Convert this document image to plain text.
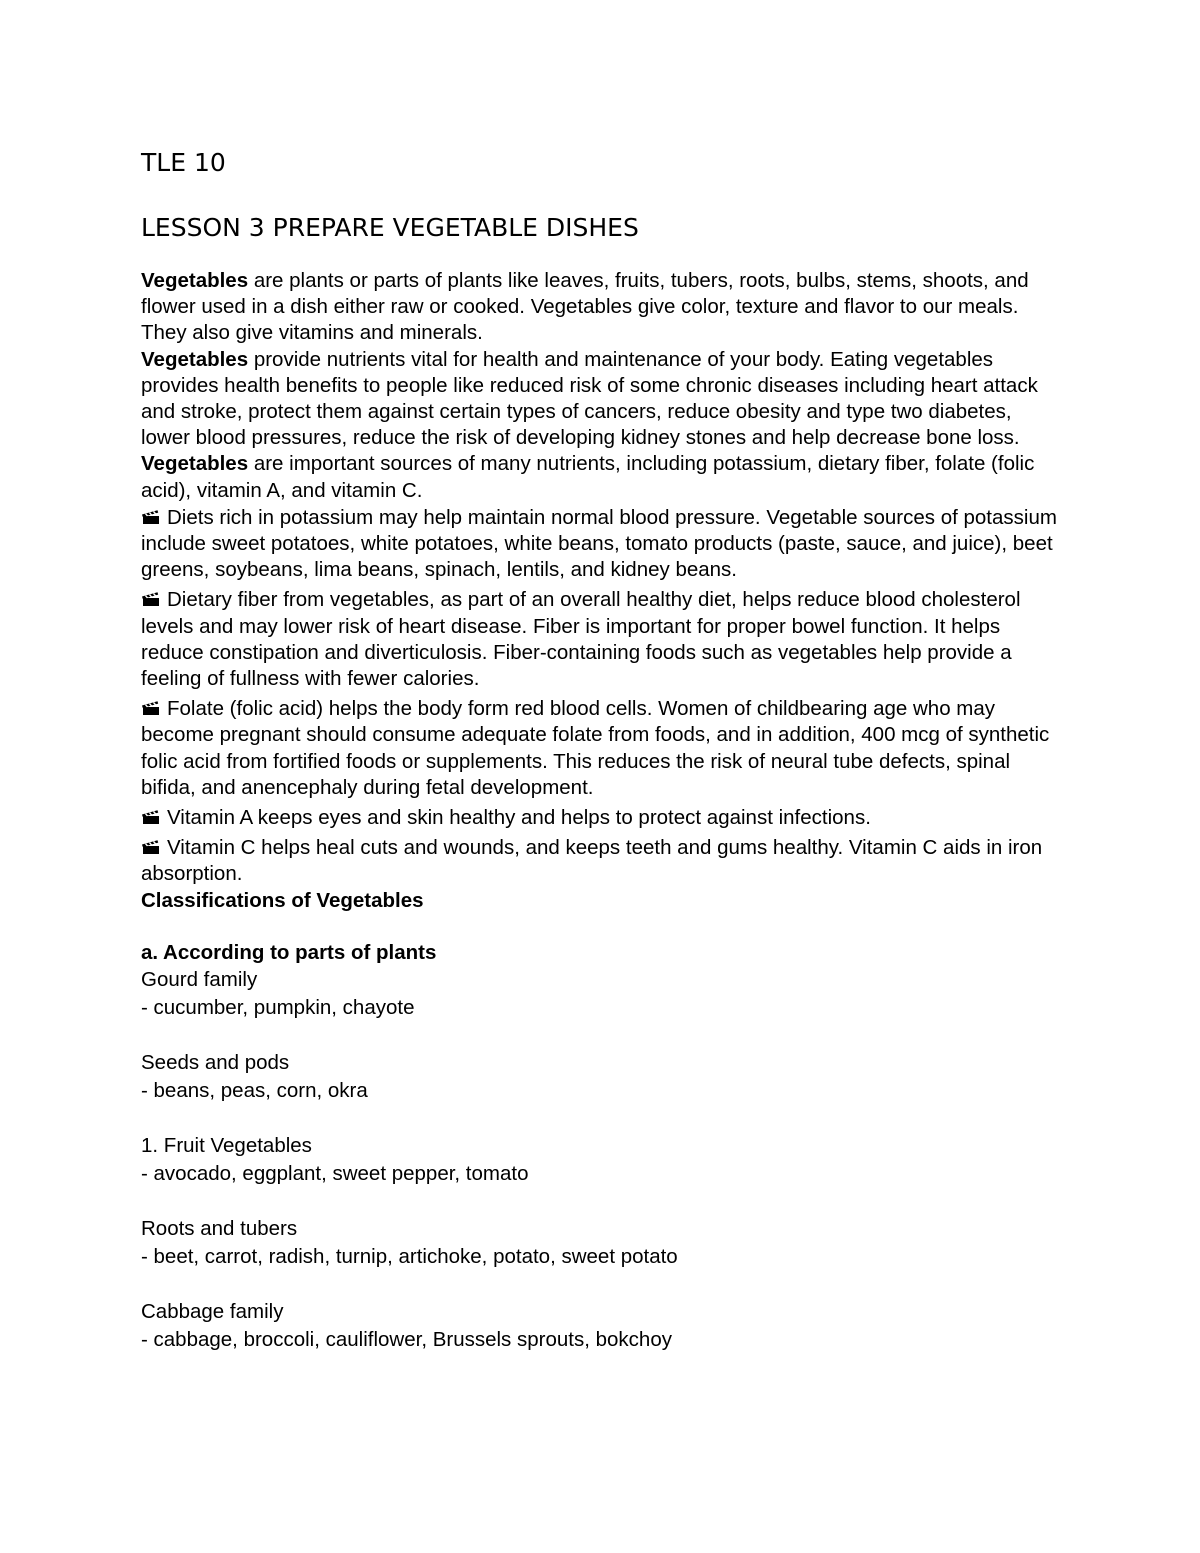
TLE 10
LESSON 3 PREPARE VEGETABLE DISHES

Vegetables are plants or parts of plants like leaves, fruits, tubers, roots, bulbs, stems, shoots, and flower used in a dish either raw or cooked. Vegetables give color, texture and flavor to our meals. They also give vitamins and minerals.

Vegetables provide nutrients vital for health and maintenance of your body. Eating vegetables provides health benefits to people like reduced risk of some chronic diseases including heart attack and stroke, protect them against certain types of cancers, reduce obesity and type two diabetes, lower blood pressures, reduce the risk of developing kidney stones and help decrease bone loss.

Vegetables are important sources of many nutrients, including potassium, dietary fiber, folate (folic acid), vitamin A, and vitamin C.

Diets rich in potassium may help maintain normal blood pressure. Vegetable sources of potassium include sweet potatoes, white potatoes, white beans, tomato products (paste, sauce, and juice), beet greens, soybeans, lima beans, spinach, lentils, and kidney beans.

Dietary fiber from vegetables, as part of an overall healthy diet, helps reduce blood cholesterol levels and may lower risk of heart disease. Fiber is important for proper bowel function. It helps reduce constipation and diverticulosis. Fiber-containing foods such as vegetables help provide a feeling of fullness with fewer calories.

Folate (folic acid) helps the body form red blood cells. Women of childbearing age who may become pregnant should consume adequate folate from foods, and in addition, 400 mcg of synthetic folic acid from fortified foods or supplements. This reduces the risk of neural tube defects, spinal bifida, and anencephaly during fetal development.

Vitamin A keeps eyes and skin healthy and helps to protect against infections.

Vitamin C helps heal cuts and wounds, and keeps teeth and gums healthy. Vitamin C aids in iron absorption.

Classifications of Vegetables
a. According to parts of plants

Gourd family

- cucumber, pumpkin, chayote

Seeds and pods

- beans, peas, corn, okra

1. Fruit Vegetables

- avocado, eggplant, sweet pepper, tomato

Roots and tubers

- beet, carrot, radish, turnip, artichoke, potato, sweet potato

Cabbage family

- cabbage, broccoli, cauliflower, Brussels sprouts, bokchoy
